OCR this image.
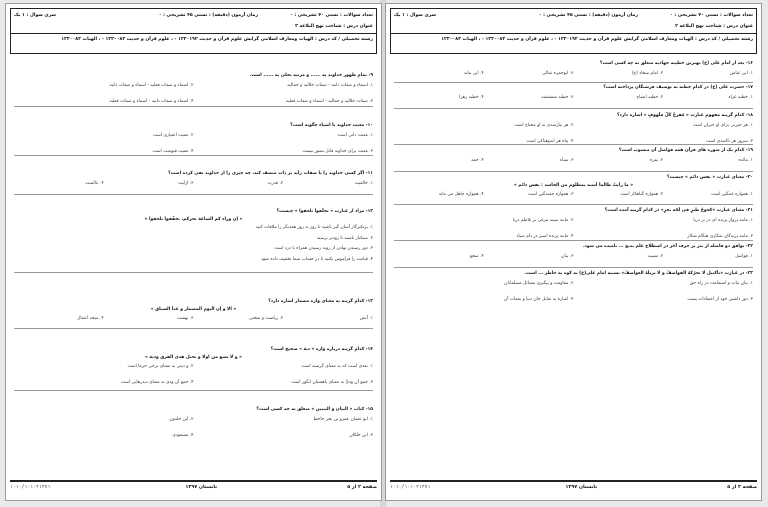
تعداد سوالات : تستی ۴۰ تشریحی : ۰
زمان آزمون (دقیقه) : تستی ۴۵ تشریحی : ۰
سری سوال : ۱ یک
عنوان درس : شناخت نهج البلاغه ۲
رشته تحصیلی / کد درس : الهیات ومعارف اسلامی گرایش علوم قرآن و حدیث ۱۲۲۰۱۹۲ - ، علوم قرآن و حدیث ۱۲۲۰۰۸۳ - ، الهیات ۱۲۲۰۰۸۳
۱۶- بعد از امام علی (ع) بهترین خطیبه جهادیه متعلق به چه کسی است؟
۱. ابن عباس۲. امام سجاد (ع)۳. ابوحمزه ثمالی۴. ابن نباته
۱۷- حضرت علی (ع) در کدام خطبه به توصیف فرشتگان پرداخته است؟
۱. خطبه غراء۲. خطبه اشباح۳. خطبه شقشقیه۴. خطبه زهرا
۱۸- کدام گزینه مفهوم عبارت « مُفزعُ کُلِّ مَلْهوفٍ » اشاره دارد؟
۱. هر حیرتی برای او حیران است۲. هر نیازمندی به او محتاج است۳. سرور هر ناامیدی است۴. پناه هر اندوهناکی است
۱۹- کدام یک از سوره های قرآن همه فواصل آن منسوب است؟
۱. مائده۲. بقره۳. نساء۴. حمد
۲۰- معنای عبارت « نفس دائم » چیست؟
« ما رأیتُ ظالماً أشبه بمظلوم من الحاسد : نفس دائم »
۱. همواره غمگین است۲. همواره گناهکار است۳. همواره حسدگین است۴. همواره جاهل می ماند
۲۱- معنای عبارت «کجوجٌ طیرٍ فی لُجّه بحرٍ» در کدام گزینه آمده است؟
۱. مانند پرواز پرنده ای در بر دریا۲. مانند سینه مرغی بر تلاطم دریا۳. مانند پرندگان شکاری هنگام شکار۴. مانند پرنده اسیر در دام صیاد
۲۲- توافق دو فاصله از نثر بر حرف آخر در اصطلاح علم بدیع ... نامیده می شود.
۱. فواصل۲. تشبیه۳. بیان۴. سجع
۲۳- در عبارت «تأکنیل لا تحرّکهُ القواصفُ و لا تزیلُهُ العواصفُ» تشبیه امام علی(ع) به کوه به خاطر ... است.
۱. بیان ثبات و استقامت در راه حق۲. مقاومت و پیگیری مسائل مسلمانان۳. دور داشتن خود از اعتقادات پست۴. اشاره به تقابل جان دنیا و نعمات آن
صفحه ۳ از ۵
تابستان ۱۳۹۷
۱۰۱۰/۱۰۱۰۲۱۴۷۱
تعداد سوالات : تستی ۴۰ تشریحی : ۰
زمان آزمون (دقیقه) : تستی ۴۵ تشریحی : ۰
سری سوال : ۱ یک
عنوان درس : شناخت نهج البلاغه ۲
رشته تحصیلی / کد درس : الهیات ومعارف اسلامی گرایش علوم قرآن و حدیث ۱۲۲۰۱۹۲ - ، علوم قرآن و حدیث ۱۲۲۰۰۸۳ - ، الهیات ۱۲۲۰۰۸۳
۹- تمام ظهور خداوند به ...... و مرتبه تجلی به ...... است.
۱. اسماء و صفات ذاتیه - صفات جلالیه و جمالیه۲. اسماء و صفات فعلیه - اسماء و صفات ذاتیه۳. صفات جلالیه و جمالیه - اسماء و صفات فعلیه۴. اسماء و صفات ذاتیه - اسماء و صفات فعلیه
۱۰- معیت خداوند با اشیاء چگونه است؟
۱. معیت ذاتی است۲. معیت اعتباری است۳. معیت برای خداوند قابل تصور نیست۴. معیت قیومیت است
۱۱- اگر کسی خداوند را با صفات زاید بر ذات متصف کند، چه چیزی را از خداوند نفی کرده است؟
۱. خالقیت۲. قدرت۳. ازلیت۴. عالمیت
۱۲- مراد از عبارت « تخلّفوا تلحقوا » چیست؟
« إن وراء کم الساعة تحرکم، تخفّفوا تلحقوا »
۱. پرتکبرگار آسان گیر باشید تا روز به روز همدیگر را ملاقات کنید
۲. سبکبار باشید تا زودتر برسید
۳. دور رسیدن نهادن از روند رسیدن همراه با درد است
۴. قیامت را فراموش نکنید تا در حساب شما تخفیف داده شود
۱۳- کدام گزینه به معنای واژه مضمار اشاره دارد؟
« الا و إن الیوم المضمار و غداً السباق »
۱. آتش۲. ریاضت و سختی۳. بهشت۴. نتیجه اعمال
۱۴- کدام گزینه درباره واژه « دیة » صحیح است؟
« و لا یسع من اولا و نحیل هدی الفرق ودیة »
۱. نقدی است که به معنای گرسنه است۲. و دیتی به معنای برخی حرما است۳. جمع آن ودیِّ به معنای باهستان انگور است۴. جمع آن ودی به معنای دیدرهایی است
۱۵- کتاب « البیان و التبیین » متعلق به چه کسی است؟
۱. ابو عثمان عمرو بن بحر جاحظ۲. ابن خلدون۳. ابن خلکان۴. مسعودی
صفحه ۲ از ۵
تابستان ۱۳۹۷
۱۰۱۰/۱۰۱۰۲۱۴۷۱
